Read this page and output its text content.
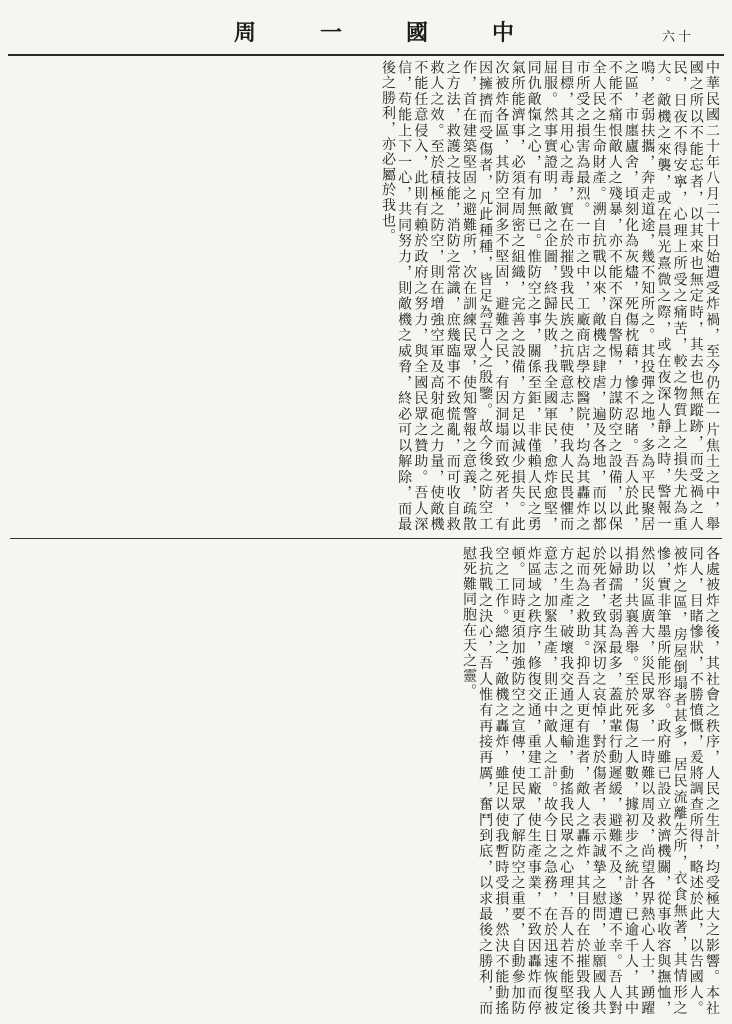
周一國中	六十
中華民國二十年八月二十日始遭受炸禍，至今仍在一片焦土之中，舉國之所以不能忘者，以其來也無定時，其去也無蹤跡，而受禍之人民，日夜不得安寧，心理上所受之痛苦，較之物質上之損失尤為重大。敵機之來襲，或在晨光熹微之際，或在夜深人靜之時，警報一鳴，老弱扶攜，奔走道途，幾不知所之。其投彈之地，多為平民聚居之區，市廛廬舍，頃刻化為灰燼，死傷枕藉，慘不忍睹。吾人於此，不能不痛恨敵人之殘暴，亦不能不深自警惕，力謀防空之設備，以保全人民之生命財產。溯自抗戰以來，敵機之肆虐，遍及各地，而以都市所受之損害為最烈。一市之中，工廠商店學校醫院，均為其轟炸之目標，其用心之毒，實在於摧毀我民族之抗戰意志，使我人民畏懼而屈服。然事實證明，敵之企圖，終歸失敗，我全國軍民，愈炸愈堅，同仇敵愾之心，有加無已。惟防空之事，關係至鉅，非僅賴人民之勇氣所能濟事，必須有周密之組織，完善之設備，方足以減少損失。此次被炸各區，其防空洞多不堅固，避難之民，有因洞塌而致死者，有因擁擠而受傷者，凡此種種，皆足為吾人之殷鑒。故今後之防空工作，首在建築堅固之避難所，次在訓練民眾，使知警報之意義，疏散之方法，救護之技能，消防之常識，庶幾臨事不致慌亂，而可收自救救人之效。至於積極之防空，則在增強空軍及高射砲之力量，使敵機不能任意侵入，此則有賴於政府之努力，與全國民眾之贊助。吾人深信，苟能上下一心，共同努力，則敵機之威脅，終必可以解除，而最後之勝利，亦必屬於我也。
各處被炸之後，其社會之秩序，人民之生計，均受極大之影響。本社同人，目睹慘狀，不勝憤慨，爰將調查所得，略述於此，以告國人。被炸之區，房屋倒塌者甚多，居民流離失所，衣食無著，其情形之慘，實非筆墨所能形容。政府雖已設立救濟機關，從事收容與撫恤，然以災區廣大，災民眾多，一時難以周及，尚望各界熱心人士，踴躍捐助，共襄善舉。至於死傷之人數，據初步之統計，已逾千人，其中以婦孺老弱為最多，蓋此輩行動遲緩，避難不及，遂遭不幸。吾人對於死者，致其深切之哀悼，對於傷者，表示誠摯之慰問，並願國人共起而為之救助。抑吾人更有進者，敵人之轟炸，其目的在於摧毀我後方之生產，破壞我交通之運輸，動搖我民眾之心理，吾人若不能堅定意志，加緊生產，則正中敵人之計。故今日之急務，在於迅速恢復被炸區域之秩序，修復交通，重建工廠，使生產事業，不致因轟炸而停頓。同時更須加強防空之宣傳，使民眾了解防空之重要，自動參加防空之工作。總之，敵機之轟炸，雖足以使我暫時受損，然決不能動搖我抗戰之決心，吾人惟有再接再厲，奮鬥到底，以求最後之勝利，而慰死難同胞在天之靈。
